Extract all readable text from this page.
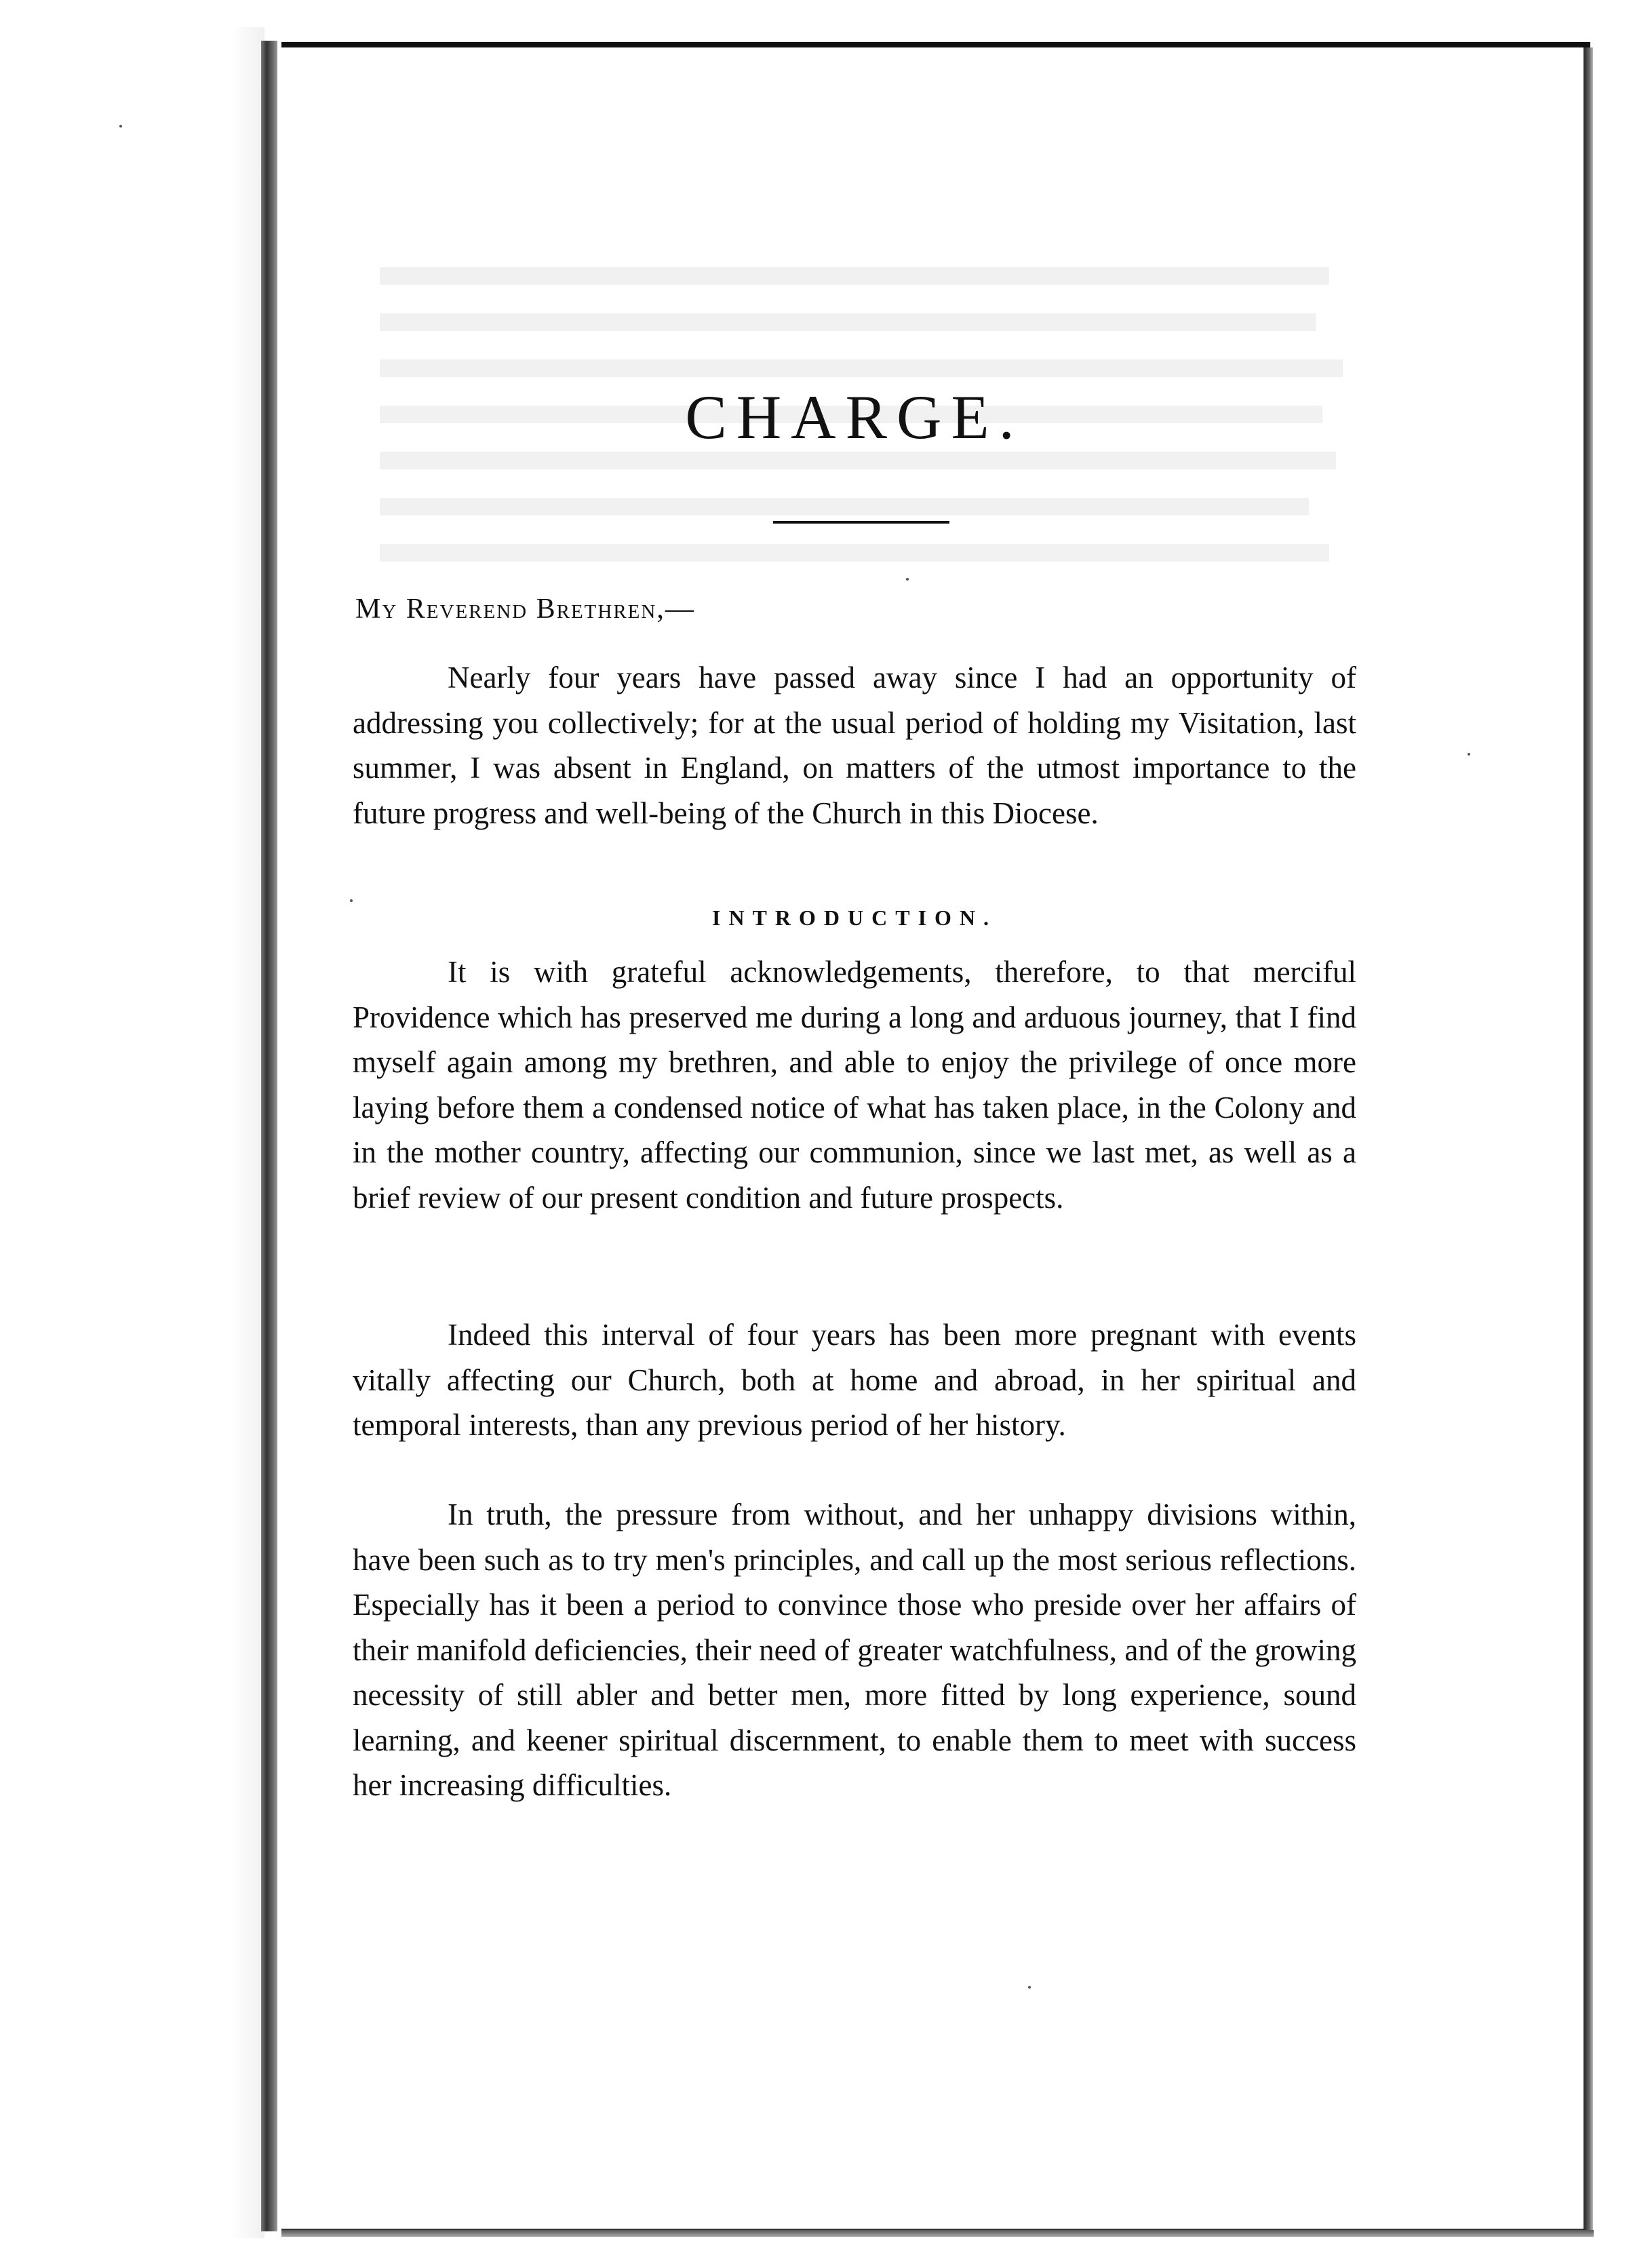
CHARGE.

My Reverend Brethren,—

Nearly four years have passed away since I had an opportunity of addressing you collectively; for at the usual period of holding my Visitation, last summer, I was absent in England, on matters of the utmost importance to the future progress and well-being of the Church in this Diocese.

INTRODUCTION.

It is with grateful acknowledgements, therefore, to that merciful Providence which has preserved me during a long and arduous journey, that I find myself again among my brethren, and able to enjoy the privilege of once more laying before them a condensed notice of what has taken place, in the Colony and in the mother country, affecting our communion, since we last met, as well as a brief review of our present condition and future prospects.

Indeed this interval of four years has been more pregnant with events vitally affecting our Church, both at home and abroad, in her spiritual and temporal interests, than any previous period of her history.

In truth, the pressure from without, and her unhappy divisions within, have been such as to try men's principles, and call up the most serious reflections. Especially has it been a period to convince those who preside over her affairs of their manifold deficiencies, their need of greater watchfulness, and of the growing necessity of still abler and better men, more fitted by long experience, sound learning, and keener spiritual discernment, to enable them to meet with success her increasing difficulties.
